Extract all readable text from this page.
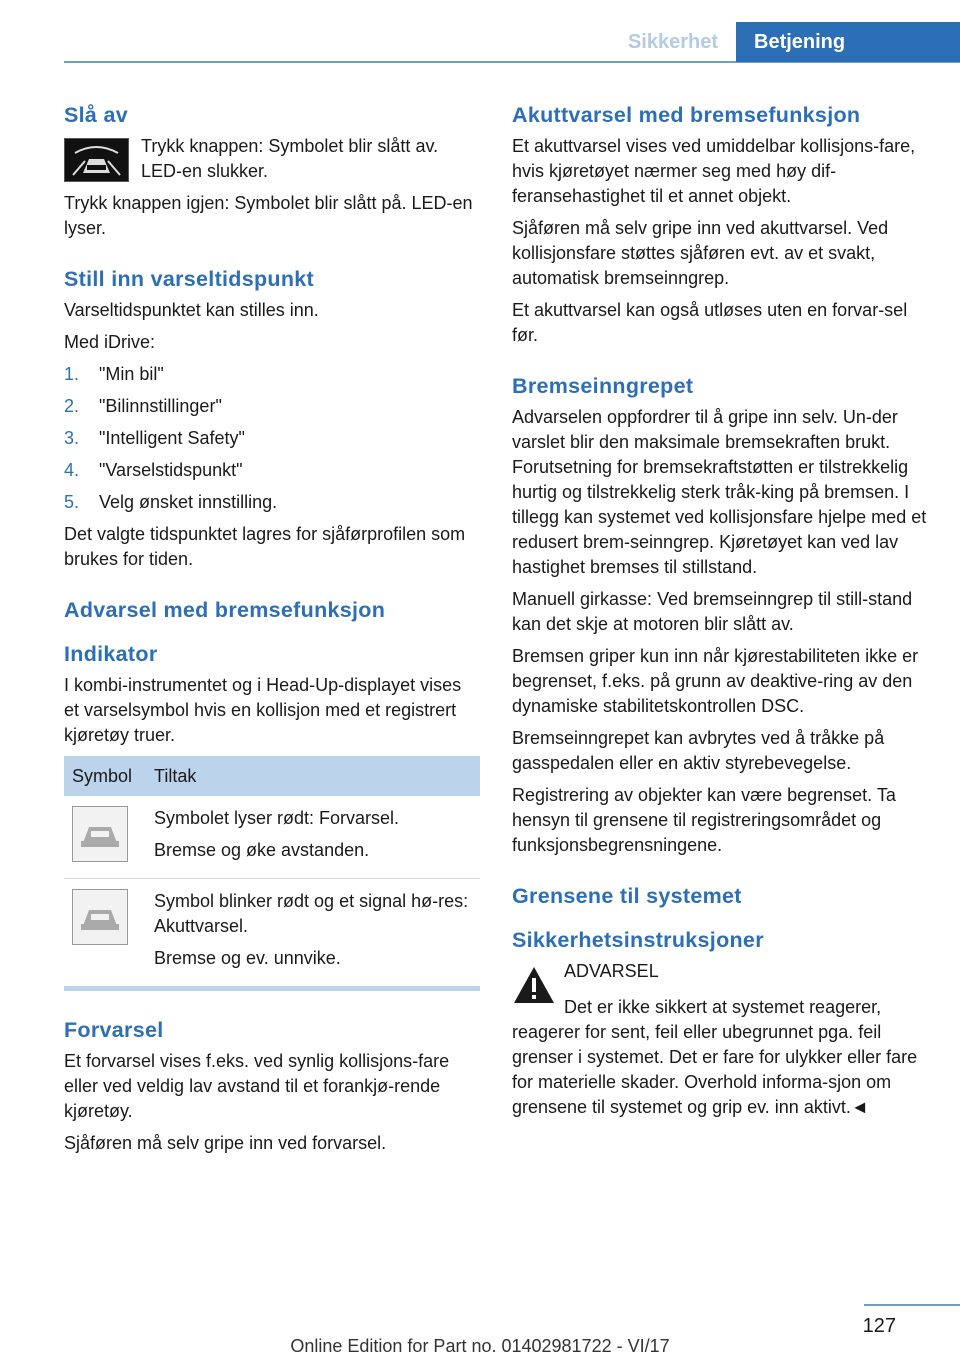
Sikkerhet	Betjening
Slå av

Trykk knappen: Symbolet blir slått av. LED-en slukker.

Trykk knappen igjen: Symbolet blir slått på. LED-en lyser.

Still inn varseltidspunkt

Varseltidspunktet kan stilles inn.

Med iDrive:

1.	"Min bil"
2.	"Bilinnstillinger"
3.	"Intelligent Safety"
4.	"Varselstidspunkt"
5.	Velg ønsket innstilling.

Det valgte tidspunktet lagres for sjåførprofilen som brukes for tiden.

Advarsel med bremsefunksjon
Indikator

I kombi-instrumentet og i Head-Up-displayet vises et varselsymbol hvis en kollisjon med et registrert kjøretøy truer.

Symbol	Tiltak

Symbolet lyser rødt: Forvarsel.

Bremse og øke avstanden.

Symbol blinker rødt og et signal hø-res: Akuttvarsel.

Bremse og ev. unnvike.

Forvarsel

Et forvarsel vises f.eks. ved synlig kollisjons-fare eller ved veldig lav avstand til et forankjø-rende kjøretøy.

Sjåføren må selv gripe inn ved forvarsel.

Akuttvarsel med bremsefunksjon

Et akuttvarsel vises ved umiddelbar kollisjons-fare, hvis kjøretøyet nærmer seg med høy dif-feransehastighet til et annet objekt.

Sjåføren må selv gripe inn ved akuttvarsel. Ved kollisjonsfare støttes sjåføren evt. av et svakt, automatisk bremseinngrep.

Et akuttvarsel kan også utløses uten en forvar-sel før.

Bremseinngrepet

Advarselen oppfordrer til å gripe inn selv. Un-der varslet blir den maksimale bremsekraften brukt. Forutsetning for bremsekraftstøtten er tilstrekkelig hurtig og tilstrekkelig sterk tråk-king på bremsen. I tillegg kan systemet ved kollisjonsfare hjelpe med et redusert brem-seinngrep. Kjøretøyet kan ved lav hastighet bremses til stillstand.

Manuell girkasse: Ved bremseinngrep til still-stand kan det skje at motoren blir slått av.

Bremsen griper kun inn når kjørestabiliteten ikke er begrenset, f.eks. på grunn av deaktive-ring av den dynamiske stabilitetskontrollen DSC.

Bremseinngrepet kan avbrytes ved å tråkke på gasspedalen eller en aktiv styrebevegelse.

Registrering av objekter kan være begrenset. Ta hensyn til grensene til registreringsområdet og funksjonsbegrensningene.

Grensene til systemet
Sikkerhetsinstruksjoner

ADVARSEL

Det er ikke sikkert at systemet reagerer, reagerer for sent, feil eller ubegrunnet pga. feil grenser i systemet. Det er fare for ulykker eller fare for materielle skader. Overhold informa-sjon om grensene til systemet og grip ev. inn aktivt.◄

127
Online Edition for Part no. 01402981722 - VI/17
